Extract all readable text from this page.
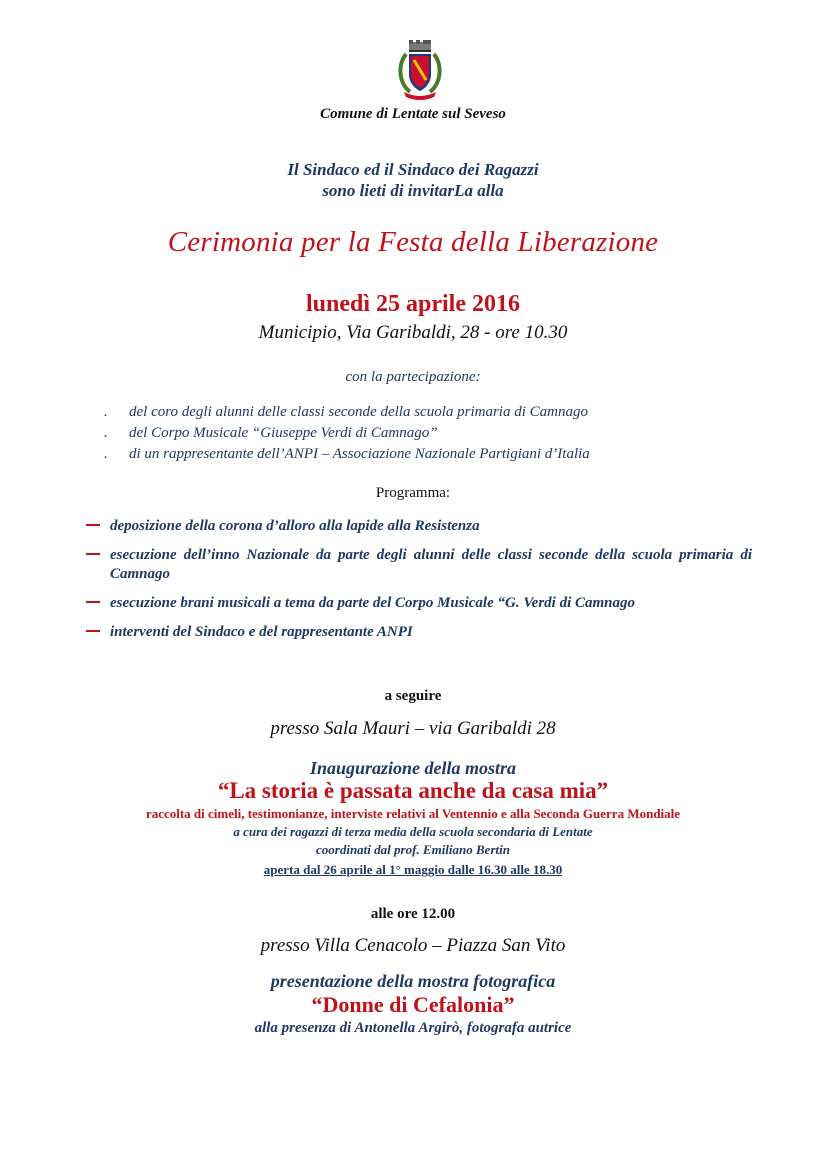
Comune di Lentate sul Seveso
Il Sindaco ed il Sindaco dei Ragazzi
sono lieti di invitarLa alla
Cerimonia per la Festa della Liberazione
lunedì 25 aprile 2016
Municipio, Via Garibaldi, 28 - ore 10.30
con la partecipazione:
. del coro degli alunni delle classi seconde della scuola primaria di Camnago
. del Corpo Musicale “Giuseppe Verdi di Camnago”
. di un rappresentante dell’ANPI – Associazione Nazionale Partigiani d’Italia
Programma:
deposizione della corona d’alloro alla lapide alla Resistenza
esecuzione dell’inno Nazionale da parte degli alunni delle classi seconde della scuola primaria di Camnago
esecuzione brani musicali a tema da parte del Corpo Musicale “G. Verdi di Camnago
interventi del Sindaco e del rappresentante ANPI
a seguire
presso Sala Mauri – via Garibaldi 28
Inaugurazione della mostra
“La storia è passata anche da casa mia”
raccolta di cimeli, testimonianze, interviste relativi al Ventennio e alla Seconda Guerra Mondiale
a cura dei ragazzi di terza media della scuola secondaria di Lentate
coordinati dal prof. Emiliano Bertin
aperta dal 26 aprile al 1° maggio dalle 16.30 alle 18.30
alle ore 12.00
presso Villa Cenacolo – Piazza San Vito
presentazione della mostra fotografica
“Donne di Cefalonia”
alla presenza di Antonella Argirò, fotografa autrice
